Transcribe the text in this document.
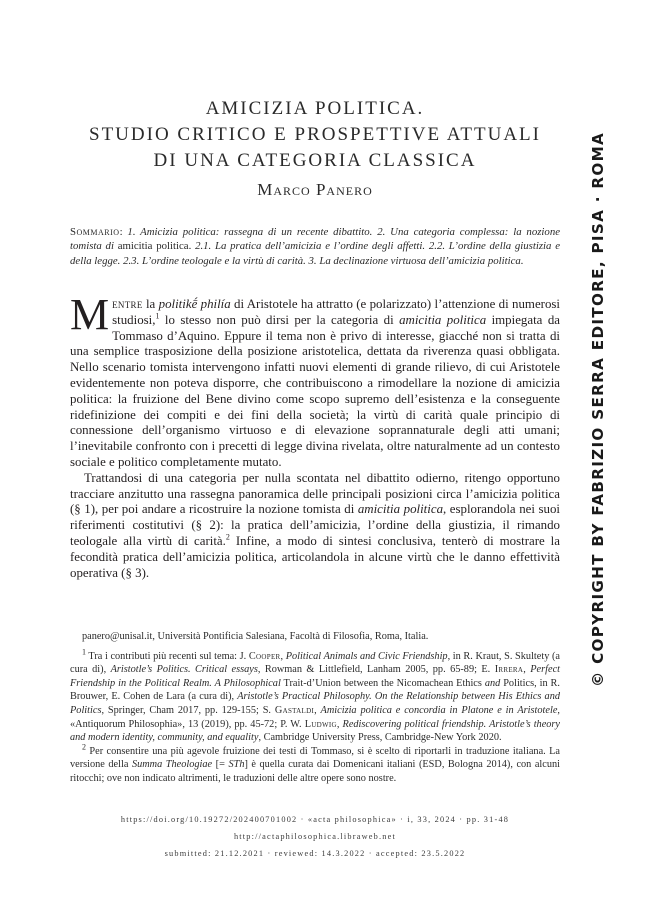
AMICIZIA POLITICA.
STUDIO CRITICO E PROSPETTIVE ATTUALI
DI UNA CATEGORIA CLASSICA
Marco Panero
Sommario: 1. Amicizia politica: rassegna di un recente dibattito. 2. Una categoria complessa: la nozione tomista di amicitia politica. 2.1. La pratica dell’amicizia e l’ordine degli affetti. 2.2. L’ordine della giustizia e della legge. 2.3. L’ordine teologale e la virtù di carità. 3. La declinazione virtuosa dell’amicizia politica.

Mentre la politikḗ philía di Aristotele ha attratto (e polarizzato) l’attenzione di numerosi studiosi,$^1$ lo stesso non può dirsi per la categoria di amicitia politica impiegata da Tommaso d’Aquino. Eppure il tema non è privo di interesse, giacché non si tratta di una semplice trasposizione della posizione aristotelica, dettata da riverenza quasi obbligata. Nello scenario tomista intervengono infatti nuovi elementi di grande rilievo, di cui Aristotele evidentemente non poteva disporre, che contribuiscono a rimodellare la nozione di amicizia politica: la fruizione del Bene divino come scopo supremo dell’esistenza e la conseguente ridefinizione dei compiti e dei fini della società; la virtù di carità quale principio di connessione dell’organismo virtuoso e di elevazione soprannaturale degli atti umani; l’inevitabile confronto con i precetti di legge divina rivelata, oltre naturalmente ad un contesto sociale e politico completamente mutato.

Trattandosi di una categoria per nulla scontata nel dibattito odierno, ritengo opportuno tracciare anzitutto una rassegna panoramica delle principali posizioni circa l’amicizia politica (§ 1), per poi andare a ricostruire la nozione tomista di amicitia politica, esplorandola nei suoi riferimenti costitutivi (§ 2): la pratica dell’amicizia, l’ordine della giustizia, il rimando teologale alla virtù di carità.$^2$ Infine, a modo di sintesi conclusiva, tenterò di mostrare la fecondità pratica dell’amicizia politica, articolandola in alcune virtù che le danno effettività operativa (§ 3).

panero@unisal.it, Università Pontificia Salesiana, Facoltà di Filosofia, Roma, Italia.

$^1$ Tra i contributi più recenti sul tema: J. Cooper, Political Animals and Civic Friendship, in R. Kraut, S. Skultety (a cura di), Aristotle’s Politics. Critical essays, Rowman & Littlefield, Lanham 2005, pp. 65-89; E. Irrera, Perfect Friendship in the Political Realm. A Philosophical Trait-d’Union between the Nicomachean Ethics and Politics, in R. Brouwer, E. Cohen de Lara (a cura di), Aristotle’s Practical Philosophy. On the Relationship between His Ethics and Politics, Springer, Cham 2017, pp. 129-155; S. Gastaldi, Amicizia politica e concordia in Platone e in Aristotele, «Antiquorum Philosophia», 13 (2019), pp. 45-72; P. W. Ludwig, Rediscovering political friendship. Aristotle’s theory and modern identity, community, and equality, Cambridge University Press, Cambridge-New York 2020.

$^2$ Per consentire una più agevole fruizione dei testi di Tommaso, si è scelto di riportarli in traduzione italiana. La versione della Summa Theologiae [= STh] è quella curata dai Domenicani italiani (ESD, Bologna 2014), con alcuni ritocchi; ove non indicato altrimenti, le traduzioni delle altre opere sono nostre.

https://doi.org/10.19272/202400701002 · «acta philosophica» · i, 33, 2024 · pp. 31-48
http://actaphilosophica.libraweb.net
submitted: 21.12.2021 · reviewed: 14.3.2022 · accepted: 23.5.2022
© COPYRIGHT BY FABRIZIO SERRA EDITORE, PISA · ROMA
